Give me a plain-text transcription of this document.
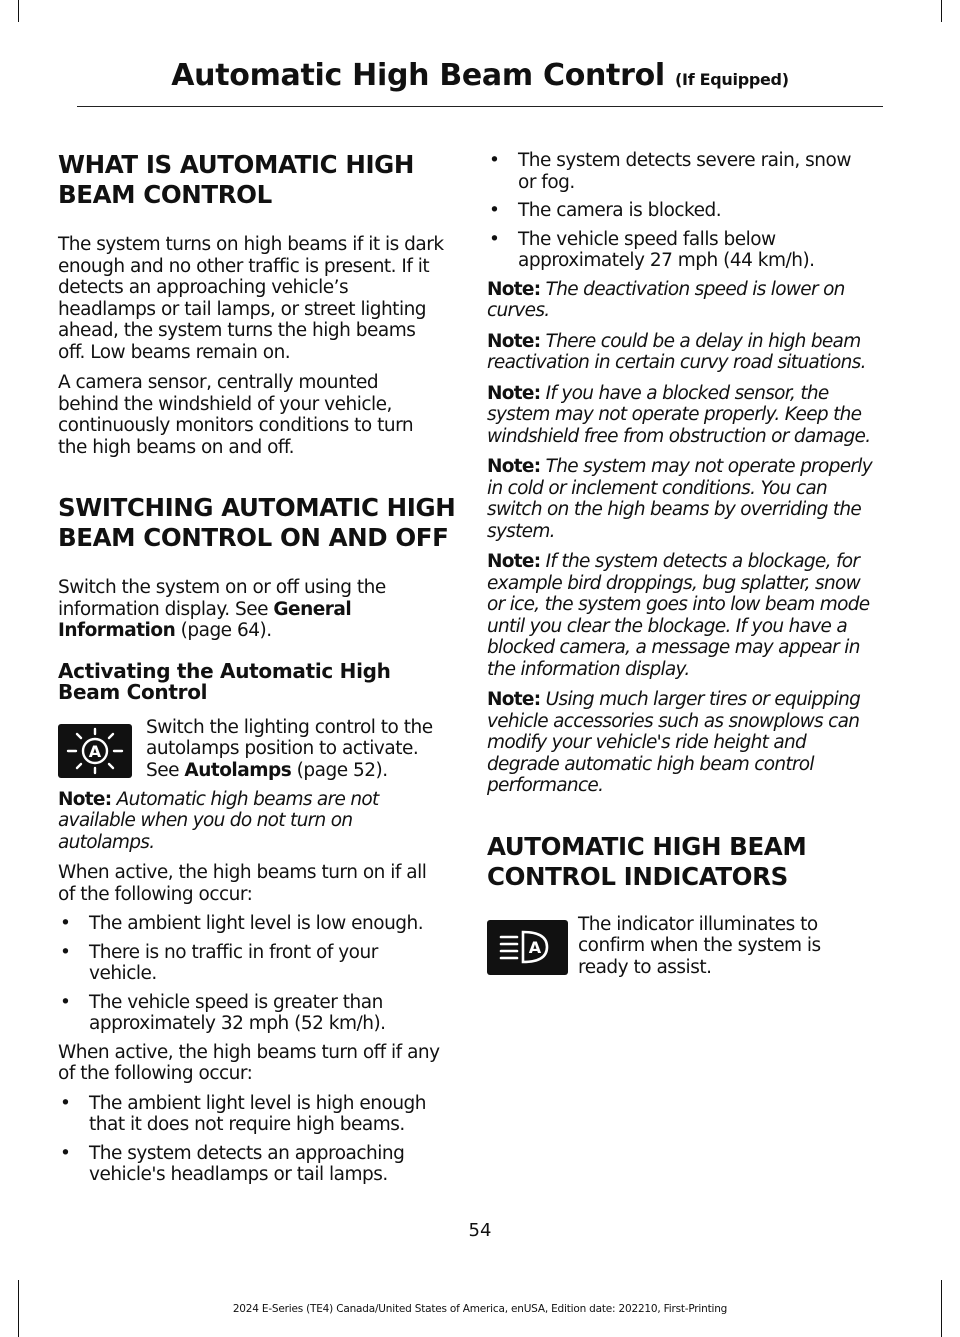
Automatic High Beam Control (If Equipped)
WHAT IS AUTOMATIC HIGH
BEAM CONTROL
The system turns on high beams if it is dark
enough and no other traffic is present. If it
detects an approaching vehicle’s
headlamps or tail lamps, or street lighting
ahead, the system turns the high beams
off. Low beams remain on.
A camera sensor, centrally mounted
behind the windshield of your vehicle,
continuously monitors conditions to turn
the high beams on and off.
SWITCHING AUTOMATIC HIGH
BEAM CONTROL ON AND OFF
Switch the system on or off using the
information display. See General
Information (page 64).
Activating the Automatic High
Beam Control
A
Switch the lighting control to the
autolamps position to activate.
See Autolamps (page 52).
Note: Automatic high beams are not
available when you do not turn on
autolamps.
When active, the high beams turn on if all
of the following occur:
• The ambient light level is low enough.
• There is no traffic in front of your
vehicle.
• The vehicle speed is greater than
approximately 32 mph (52 km/h).
When active, the high beams turn off if any
of the following occur:
• The ambient light level is high enough
that it does not require high beams.
• The system detects an approaching
vehicle's headlamps or tail lamps.
• The system detects severe rain, snow
or fog.
• The camera is blocked.
• The vehicle speed falls below
approximately 27 mph (44 km/h).
Note: The deactivation speed is lower on
curves.
Note: There could be a delay in high beam
reactivation in certain curvy road situations.
Note: If you have a blocked sensor, the
system may not operate properly. Keep the
windshield free from obstruction or damage.
Note: The system may not operate properly
in cold or inclement conditions. You can
switch on the high beams by overriding the
system.
Note: If the system detects a blockage, for
example bird droppings, bug splatter, snow
or ice, the system goes into low beam mode
until you clear the blockage. If you have a
blocked camera, a message may appear in
the information display.
Note: Using much larger tires or equipping
vehicle accessories such as snowplows can
modify your vehicle's ride height and
degrade automatic high beam control
performance.
AUTOMATIC HIGH BEAM
CONTROL INDICATORS
A
The indicator illuminates to
confirm when the system is
ready to assist.
54
2024 E-Series (TE4) Canada/United States of America, enUSA, Edition date: 202210, First-Printing
